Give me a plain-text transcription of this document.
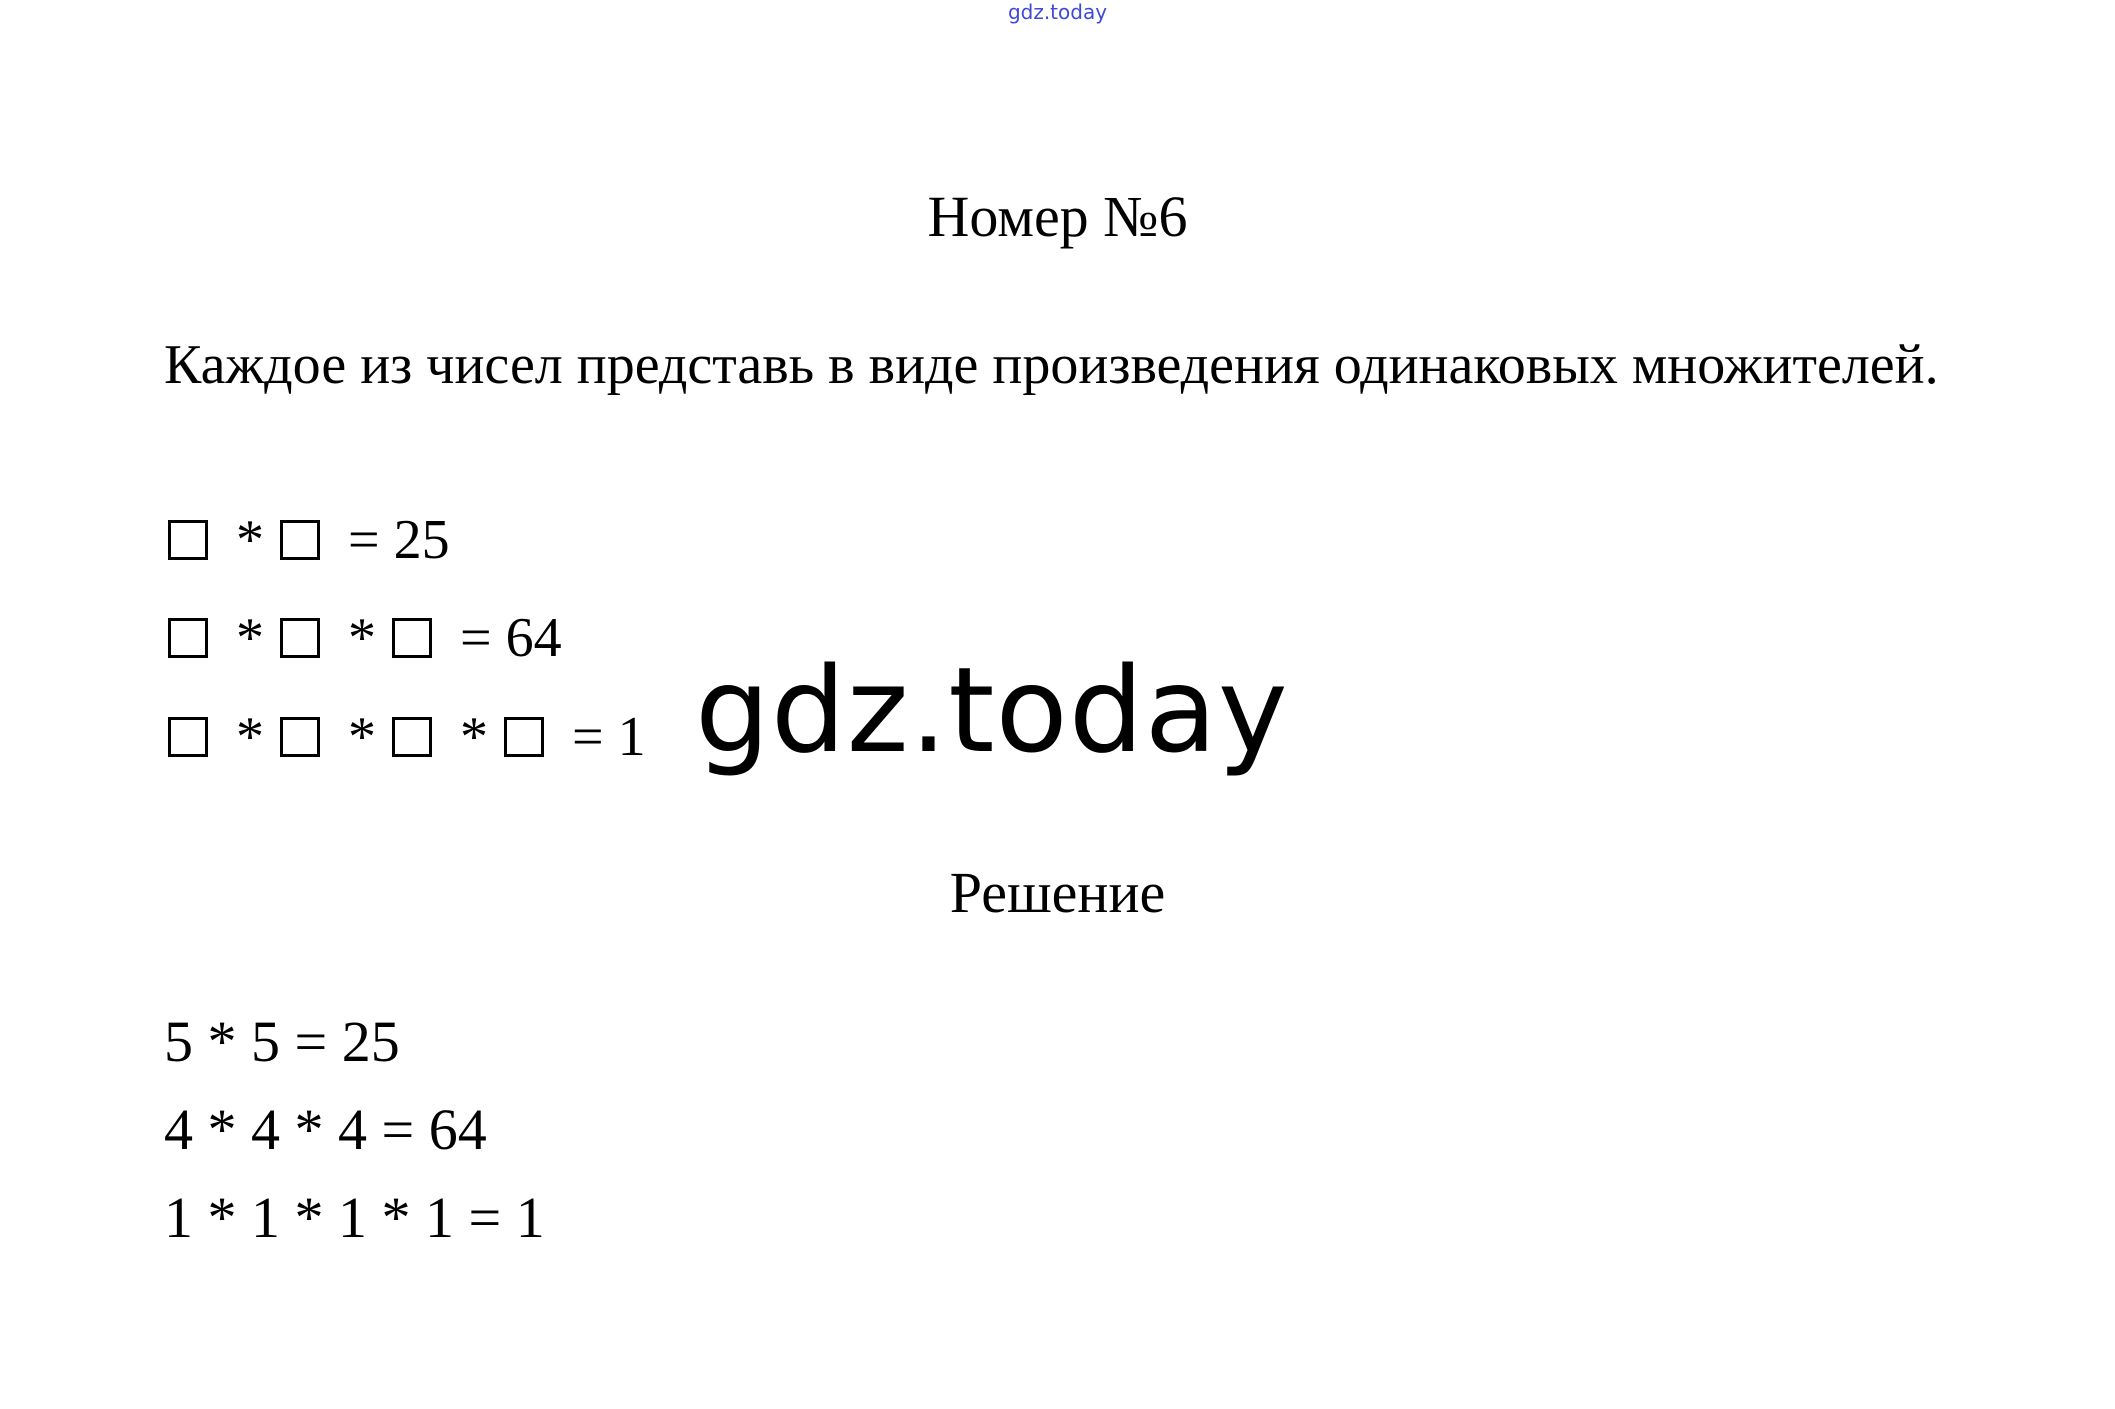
gdz.today
Номер №6

Каждое из чисел представь в виде произведения одинаковых множителей.

* = 25
* * = 64
* * * = 1 gdz.today
Решение
5 * 5 = 25
4 * 4 * 4 = 64
1 * 1 * 1 * 1 = 1
